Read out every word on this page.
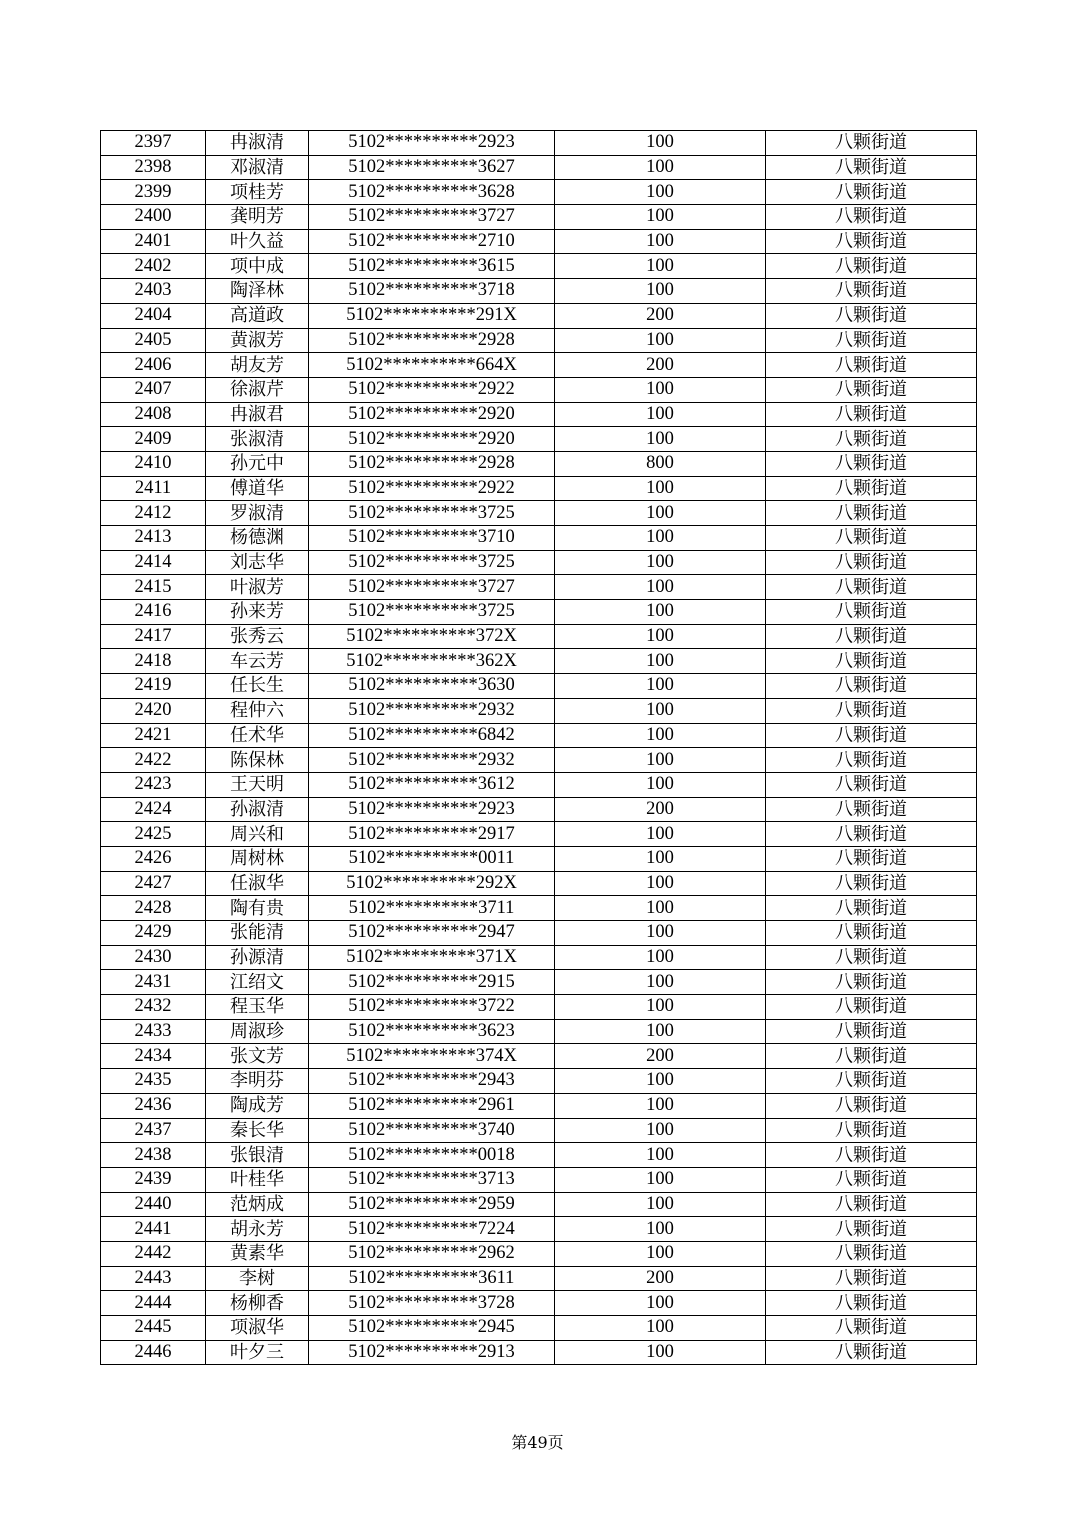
2397	冉淑清	5102**********2923	100	八颗街道
2398	邓淑清	5102**********3627	100	八颗街道
2399	项桂芳	5102**********3628	100	八颗街道
2400	龚明芳	5102**********3727	100	八颗街道
2401	叶久益	5102**********2710	100	八颗街道
2402	项中成	5102**********3615	100	八颗街道
2403	陶泽林	5102**********3718	100	八颗街道
2404	高道政	5102**********291X	200	八颗街道
2405	黄淑芳	5102**********2928	100	八颗街道
2406	胡友芳	5102**********664X	200	八颗街道
2407	徐淑芹	5102**********2922	100	八颗街道
2408	冉淑君	5102**********2920	100	八颗街道
2409	张淑清	5102**********2920	100	八颗街道
2410	孙元中	5102**********2928	800	八颗街道
2411	傅道华	5102**********2922	100	八颗街道
2412	罗淑清	5102**********3725	100	八颗街道
2413	杨德渊	5102**********3710	100	八颗街道
2414	刘志华	5102**********3725	100	八颗街道
2415	叶淑芳	5102**********3727	100	八颗街道
2416	孙来芳	5102**********3725	100	八颗街道
2417	张秀云	5102**********372X	100	八颗街道
2418	车云芳	5102**********362X	100	八颗街道
2419	任长生	5102**********3630	100	八颗街道
2420	程仲六	5102**********2932	100	八颗街道
2421	任术华	5102**********6842	100	八颗街道
2422	陈保林	5102**********2932	100	八颗街道
2423	王天明	5102**********3612	100	八颗街道
2424	孙淑清	5102**********2923	200	八颗街道
2425	周兴和	5102**********2917	100	八颗街道
2426	周树林	5102**********0011	100	八颗街道
2427	任淑华	5102**********292X	100	八颗街道
2428	陶有贵	5102**********3711	100	八颗街道
2429	张能清	5102**********2947	100	八颗街道
2430	孙源清	5102**********371X	100	八颗街道
2431	江绍文	5102**********2915	100	八颗街道
2432	程玉华	5102**********3722	100	八颗街道
2433	周淑珍	5102**********3623	100	八颗街道
2434	张文芳	5102**********374X	200	八颗街道
2435	李明芬	5102**********2943	100	八颗街道
2436	陶成芳	5102**********2961	100	八颗街道
2437	秦长华	5102**********3740	100	八颗街道
2438	张银清	5102**********0018	100	八颗街道
2439	叶桂华	5102**********3713	100	八颗街道
2440	范炳成	5102**********2959	100	八颗街道
2441	胡永芳	5102**********7224	100	八颗街道
2442	黄素华	5102**********2962	100	八颗街道
2443	李树	5102**********3611	200	八颗街道
2444	杨柳香	5102**********3728	100	八颗街道
2445	项淑华	5102**********2945	100	八颗街道
2446	叶夕三	5102**********2913	100	八颗街道
第49页
